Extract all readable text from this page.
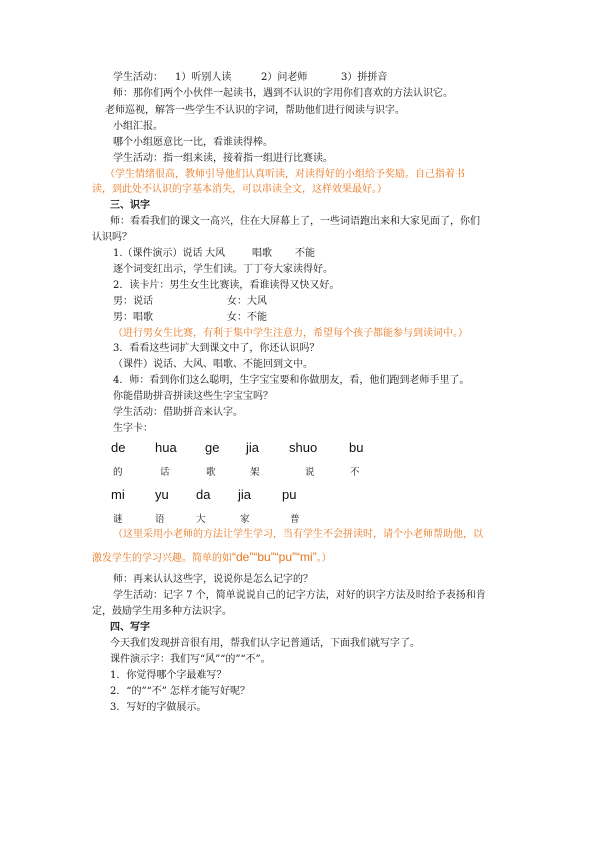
学生活动： 1）听别人读	2）问老师	3）拼拼音
师：那你们两个小伙伴一起读书，遇到不认识的字用你们喜欢的方法认识它。
老师巡视，解答一些学生不认识的字词，帮助他们进行阅读与识字。
小组汇报。
哪个小组愿意比一比，看谁读得棒。
学生活动：指一组来读，接着指一组进行比赛读。
（学生情绪很高，教师引导他们认真听读，对读得好的小组给予奖励。自己指着书
读，到此处不认识的字基本消失，可以串读全文，这样效果最好。）
三、识字
师：看看我们的课文一高兴，住在大屏幕上了，一些词语跑出来和大家见面了，你们
认识吗？
1.（课件演示）说话 大风	唱歌 不能
逐个词变红出示，学生们读。丁丁夸大家读得好。
2．读卡片：男生女生比赛读，看谁读得又快又好。
男：说话	女：大风
男：唱歌	女：不能
（进行男女生比赛，有利于集中学生注意力，希望每个孩子都能参与到读词中。）
3．看看这些词扩大到课文中了，你还认识吗？
（课件）说话、大风、唱歌、不能回到文中。
4．师：看到你们这么聪明，生字宝宝要和你做朋友，看，他们跑到老师手里了。
你能借助拼音拼读这些生字宝宝吗？
学生活动：借助拼音来认字。
生字卡：
de hua ge jia shuo bu
的	话	歌	架	说	不
mi yu da jia pu
谜	语	大	家	普
（这里采用小老师的方法让学生学习，当有学生不会拼读时，请个小老师帮助他，以
激发学生的学习兴趣。简单的如“de”“bu”“pu”“mi”。）
师：再来认认这些字，说说你是怎么记字的？
学生活动：记字 7 个，简单说说自己的记字方法，对好的识字方法及时给予表扬和肯
定，鼓励学生用多种方法识字。
四、写字
今天我们发现拼音很有用，帮我们认字记普通话，下面我们就写字了。
课件演示字：我们写“风”“的”“不”。
1．你觉得哪个字最难写？
2．“的”“不” 怎样才能写好呢？
3．写好的字做展示。
